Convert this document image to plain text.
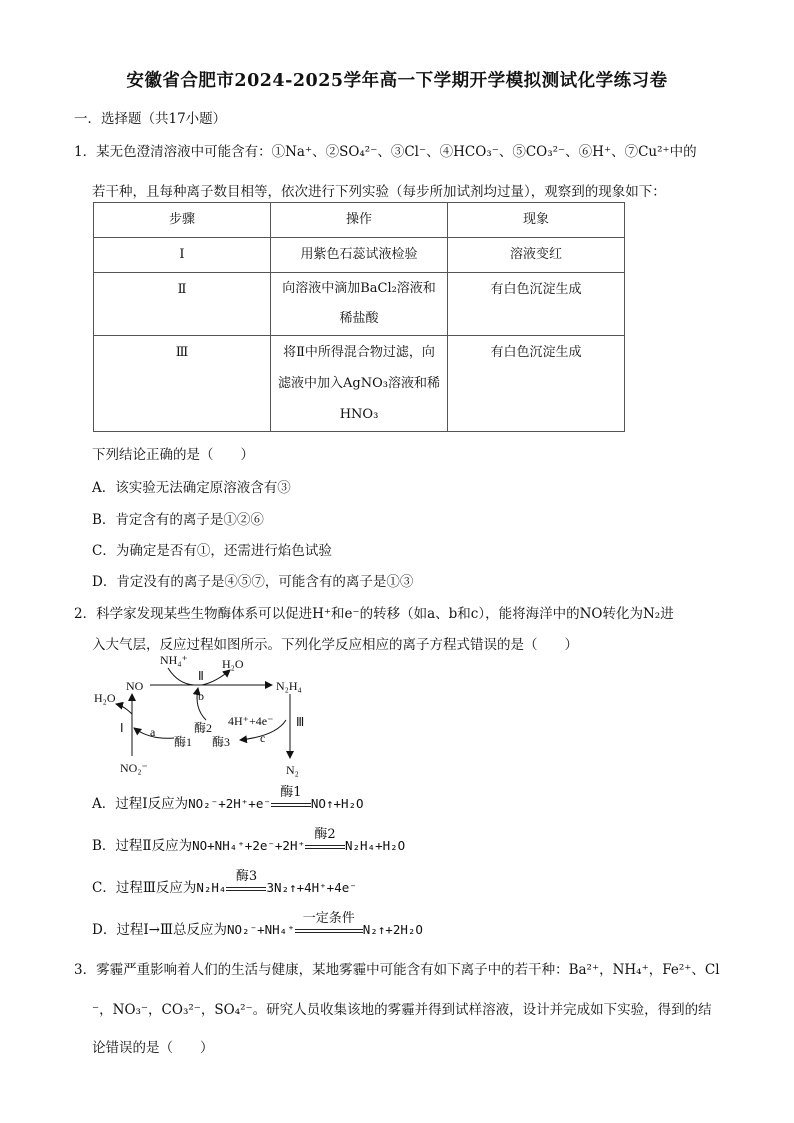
安徽省合肥市2024-2025学年高一下学期开学模拟测试化学练习卷
一．选择题（共17小题）
1．某无色澄清溶液中可能含有：①Na⁺、②SO₄²⁻、③Cl⁻、④HCO₃⁻、⑤CO₃²⁻、⑥H⁺、⑦Cu²⁺中的
若干种，且每种离子数目相等，依次进行下列实验（每步所加试剂均过量），观察到的现象如下：
步骤	操作	现象

Ⅰ	用紫色石蕊试液检验	溶液变红

Ⅱ	向溶液中滴加BaCl₂溶液和
稀盐酸	有白色沉淀生成

Ⅲ	将Ⅱ中所得混合物过滤，向
滤液中加入AgNO₃溶液和稀
HNO₃	有白色沉淀生成
下列结论正确的是（　　）
A．该实验无法确定原溶液含有③
B．肯定含有的离子是①②⑥
C．为确定是否有①，还需进行焰色试验
D．肯定没有的离子是④⑤⑦，可能含有的离子是①③
2．科学家发现某些生物酶体系可以促进H⁺和e⁻的转移（如a、b和c），能将海洋中的NO转化为N₂进
入大气层，反应过程如图所示。下列化学反应相应的离子方程式错误的是（　　）
NH₄⁺	H₂O
H₂O
NO	N₂H₄
Ⅱ
Ⅰ	Ⅲ
b
a	c
酶2
酶1 酶3
4H⁺+4e⁻
NO₂⁻	N₂
A．过程Ⅰ反应为NO₂⁻+2H⁺+e⁻
酶1
NO↑+H₂O
B．过程Ⅱ反应为NO+NH₄⁺+2e⁻+2H⁺
酶2
N₂H₄+H₂O
C．过程Ⅲ反应为N₂H₄
酶3
3N₂↑+4H⁺+4e⁻
D．过程Ⅰ→Ⅲ总反应为NO₂⁻+NH₄⁺
一定条件
N₂↑+2H₂O
3．雾霾严重影响着人们的生活与健康，某地雾霾中可能含有如下离子中的若干种：Ba²⁺，NH₄⁺，Fe²⁺、Cl
⁻，NO₃⁻，CO₃²⁻，SO₄²⁻。研究人员收集该地的雾霾并得到试样溶液，设计并完成如下实验，得到的结
论错误的是（　　）
